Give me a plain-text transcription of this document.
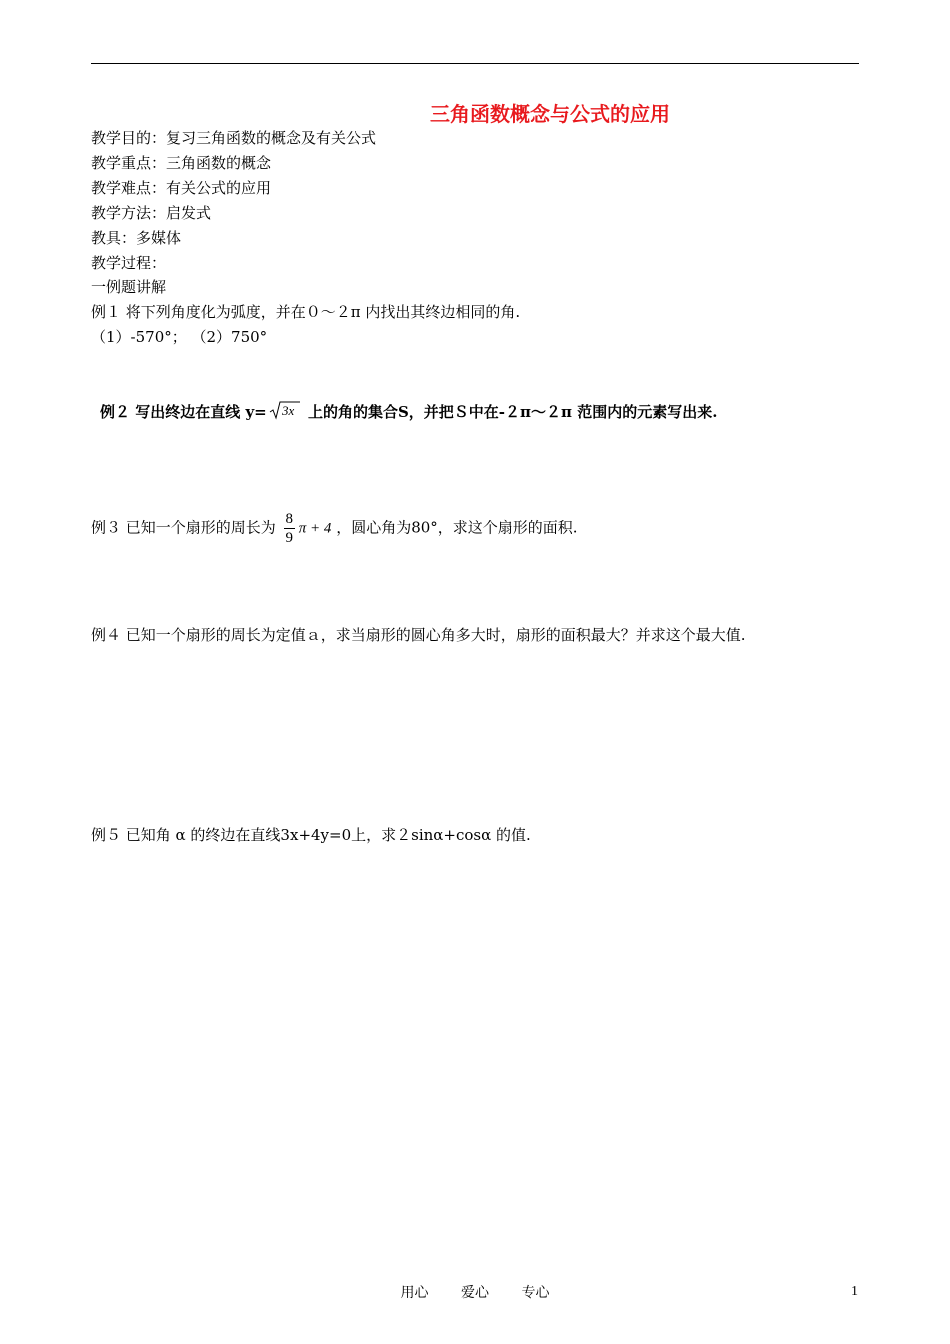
三角函数概念与公式的应用
教学目的：复习三角函数的概念及有关公式
教学重点：三角函数的概念
教学难点：有关公式的应用
教学方法：启发式
教具：多媒体
教学过程：
一例题讲解
例１ 将下列角度化为弧度，并在０～２π 内找出其终边相同的角.
（1）-570°； （2）750°
例２ 写出终边在直线 y= 3x 上的角的集合S，并把Ｓ中在-２π～２π 范围内的元素写出来.
例３ 已知一个扇形的周长为 $\frac{8}{9}$ π + 4 ，圆心角为80°，求这个扇形的面积.
例４ 已知一个扇形的周长为定值ａ，求当扇形的圆心角多大时，扇形的面积最大？并求这个最大值.
例５ 已知角 α 的终边在直线3x+4y=0上，求２sinα+cosα 的值.
用心 爱心 专心	1
